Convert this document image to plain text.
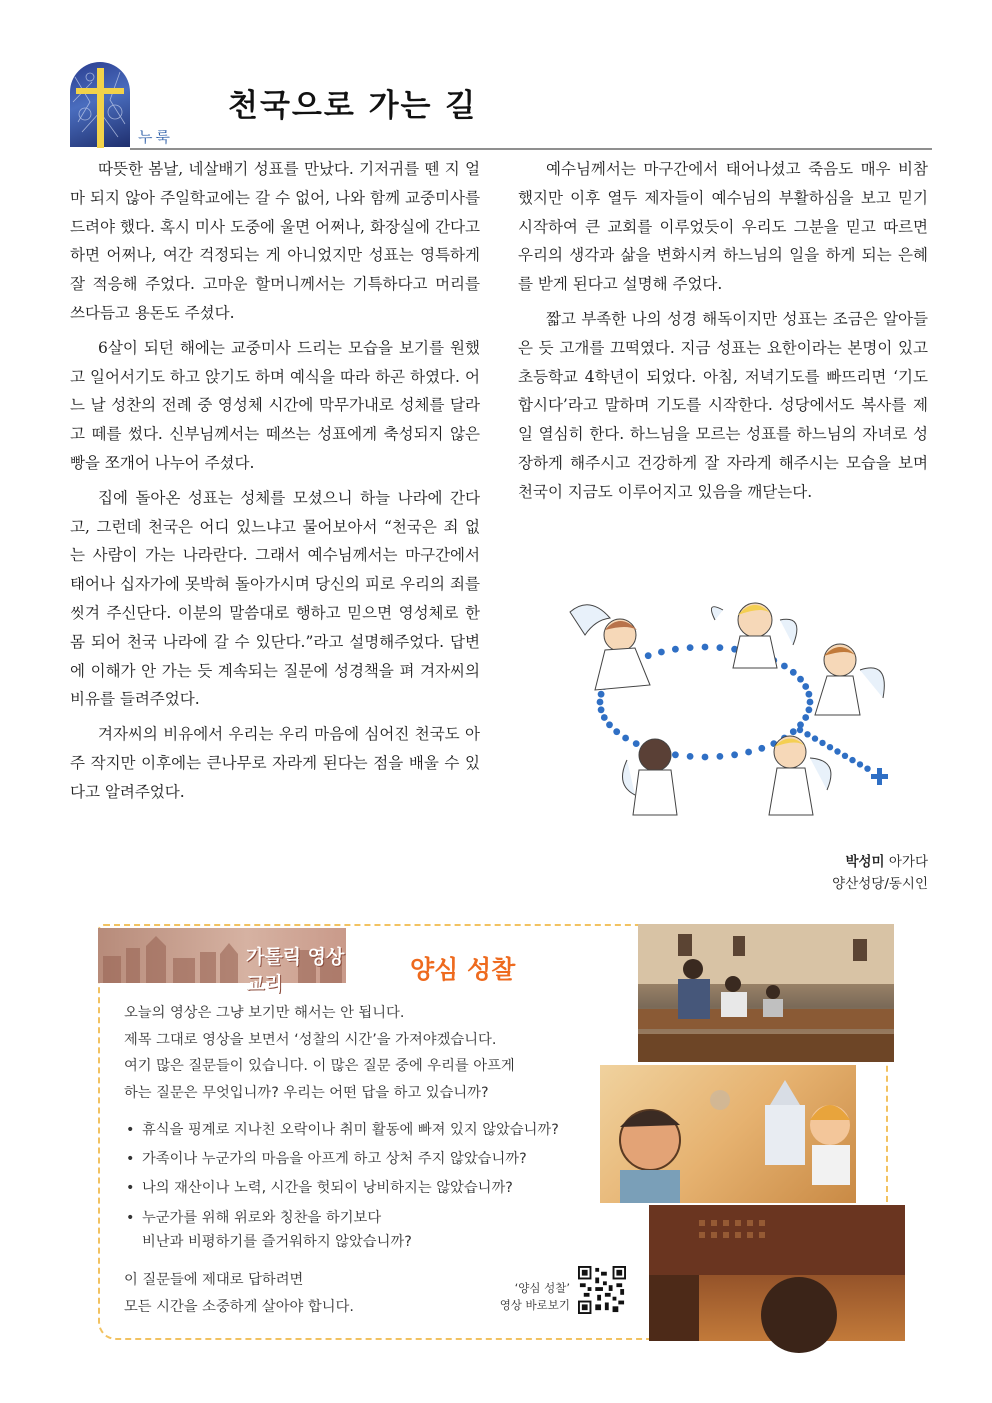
누룩
천국으로 가는 길

따뜻한 봄날, 네살배기 성표를 만났다. 기저귀를 뗀 지 얼마 되지 않아 주일학교에는 갈 수 없어, 나와 함께 교중미사를 드려야 했다. 혹시 미사 도중에 울면 어쩌나, 화장실에 간다고 하면 어쩌나, 여간 걱정되는 게 아니었지만 성표는 영특하게 잘 적응해 주었다. 고마운 할머니께서는 기특하다고 머리를 쓰다듬고 용돈도 주셨다.

6살이 되던 해에는 교중미사 드리는 모습을 보기를 원했고 일어서기도 하고 앉기도 하며 예식을 따라 하곤 하였다. 어느 날 성찬의 전례 중 영성체 시간에 막무가내로 성체를 달라고 떼를 썼다. 신부님께서는 떼쓰는 성표에게 축성되지 않은 빵을 쪼개어 나누어 주셨다.

집에 돌아온 성표는 성체를 모셨으니 하늘 나라에 간다고, 그런데 천국은 어디 있느냐고 물어보아서 “천국은 죄 없는 사람이 가는 나라란다. 그래서 예수님께서는 마구간에서 태어나 십자가에 못박혀 돌아가시며 당신의 피로 우리의 죄를 씻겨 주신단다. 이분의 말씀대로 행하고 믿으면 영성체로 한 몸 되어 천국 나라에 갈 수 있단다.”라고 설명해주었다. 답변에 이해가 안 가는 듯 계속되는 질문에 성경책을 펴 겨자씨의 비유를 들려주었다.

겨자씨의 비유에서 우리는 우리 마음에 심어진 천국도 아주 작지만 이후에는 큰나무로 자라게 된다는 점을 배울 수 있다고 알려주었다.

예수님께서는 마구간에서 태어나셨고 죽음도 매우 비참했지만 이후 열두 제자들이 예수님의 부활하심을 보고 믿기 시작하여 큰 교회를 이루었듯이 우리도 그분을 믿고 따르면 우리의 생각과 삶을 변화시켜 하느님의 일을 하게 되는 은혜를 받게 된다고 설명해 주었다.

짧고 부족한 나의 성경 해독이지만 성표는 조금은 알아들은 듯 고개를 끄떡였다. 지금 성표는 요한이라는 본명이 있고 초등학교 4학년이 되었다. 아침, 저녁기도를 빠뜨리면 ‘기도합시다’라고 말하며 기도를 시작한다. 성당에서도 복사를 제일 열심히 한다. 하느님을 모르는 성표를 하느님의 자녀로 성장하게 해주시고 건강하게 잘 자라게 해주시는 모습을 보며 천국이 지금도 이루어지고 있음을 깨닫는다.

박성미 아가다
양산성당/동시인
가톨릭 영상 교리	양심 성찰
오늘의 영상은 그냥 보기만 해서는 안 됩니다.
제목 그대로 영상을 보면서 ‘성찰의 시간’을 가져야겠습니다.
여기 많은 질문들이 있습니다. 이 많은 질문 중에 우리를 아프게
하는 질문은 무엇입니까? 우리는 어떤 답을 하고 있습니까?
• 휴식을 핑계로 지나친 오락이나 취미 활동에 빠져 있지 않았습니까?
• 가족이나 누군가의 마음을 아프게 하고 상처 주지 않았습니까?
• 나의 재산이나 노력, 시간을 헛되이 낭비하지는 않았습니까?
• 누군가를 위해 위로와 칭찬을 하기보다
비난과 비평하기를 즐거워하지 않았습니까?
이 질문들에 제대로 답하려면
모든 시간을 소중하게 살아야 합니다.
‘양심 성찰’
영상 바로보기
